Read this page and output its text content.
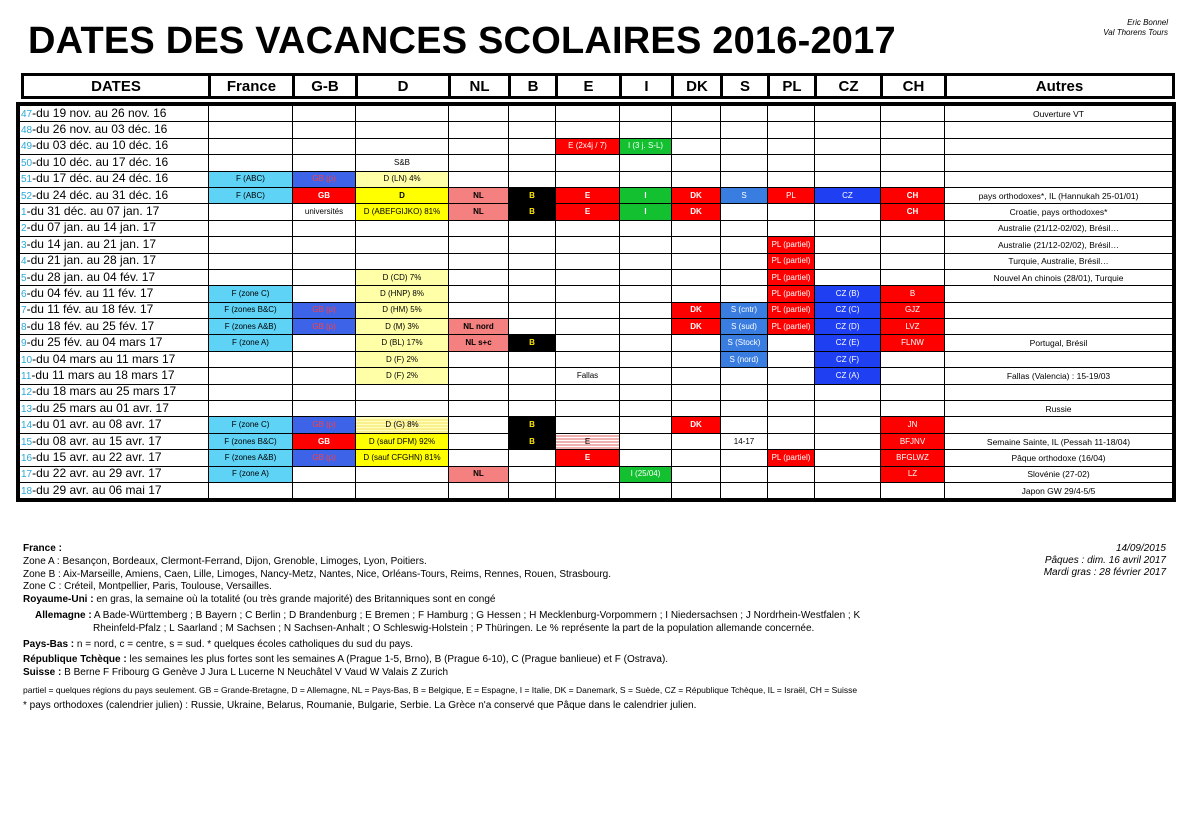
DATES DES VACANCES SCOLAIRES 2016-2017	Eric Bonnel
Val Thorens Tours
DATES	France	G-B	D	NL	B	E	I	DK	S	PL	CZ	CH	Autres
47-du 19 nov. au 26 nov. 16													Ouverture VT
48-du 26 nov. au 03 déc. 16													
49-du 03 déc. au 10 déc. 16						E (2x4j / 7)	I (3 j. S-L)						
50-du 10 déc. au 17 déc. 16			S&B										
51-du 17 déc. au 24 déc. 16	F (ABC)	GB (p)	D (LN) 4%										
52-du 24 déc. au 31 déc. 16	F (ABC)	GB	D	NL	B	E	I	DK	S	PL	CZ	CH	pays orthodoxes*, IL (Hannukah 25-01/01)
1-du 31 déc. au 07 jan. 17		universités	D (ABEFGIJKO) 81%	NL	B	E	I	DK				CH	Croatie, pays orthodoxes*
2-du 07 jan. au 14 jan. 17													Australie (21/12-02/02), Brésil…
3-du 14 jan. au 21 jan. 17										PL (partiel)			Australie (21/12-02/02), Brésil…
4-du 21 jan. au 28 jan. 17										PL (partiel)			Turquie, Australie, Brésil…
5-du 28 jan. au 04 fév. 17			D (CD) 7%							PL (partiel)			Nouvel An chinois (28/01), Turquie
6-du 04 fév. au 11 fév. 17	F (zone C)		D (HNP) 8%							PL (partiel)	CZ (B)	B	
7-du 11 fév. au 18 fév. 17	F (zones B&C)	GB (p)	D (HM) 5%					DK	S (cntr)	PL (partiel)	CZ (C)	GJZ	
8-du 18 fév. au 25 fév. 17	F (zones A&B)	GB (p)	D (M) 3%	NL nord				DK	S (sud)	PL (partiel)	CZ (D)	LVZ	
9-du 25 fév. au 04 mars 17	F (zone A)		D (BL) 17%	NL s+c	B				S (Stock)		CZ (E)	FLNW	Portugal, Brésil
10-du 04 mars au 11 mars 17			D (F) 2%						S (nord)		CZ (F)		
11-du 11 mars au 18 mars 17			D (F) 2%			Fallas					CZ (A)		Fallas (Valencia) : 15-19/03
12-du 18 mars au 25 mars 17													
13-du 25 mars au 01 avr. 17													Russie
14-du 01 avr. au 08 avr. 17	F (zone C)	GB (p)	D (G) 8%		B			DK				JN	
15-du 08 avr. au 15 avr. 17	F (zones B&C)	GB	D (sauf DFM) 92%		B	E			14-17			BFJNV	Semaine Sainte, IL (Pessah 11-18/04)
16-du 15 avr. au 22 avr. 17	F (zones A&B)	GB (p)	D (sauf CFGHN) 81%			E				PL (partiel)		BFGLWZ	Pâque orthodoxe (16/04)
17-du 22 avr. au 29 avr. 17	F (zone A)			NL			I (25/04)					LZ	Slovénie (27-02)
18-du 29 avr. au 06 mai 17													Japon GW 29/4-5/5
France :
Zone A : Besançon, Bordeaux, Clermont-Ferrand, Dijon, Grenoble, Limoges, Lyon, Poitiers.
Zone B : Aix-Marseille, Amiens, Caen, Lille, Limoges, Nancy-Metz, Nantes, Nice, Orléans-Tours, Reims, Rennes, Rouen, Strasbourg.
Zone C : Créteil, Montpellier, Paris, Toulouse, Versailles.
Royaume-Uni : en gras, la semaine où la totalité (ou très grande majorité) des Britanniques sont en congé
Allemagne : A Bade-Württemberg ; B Bayern ; C Berlin ; D Brandenburg ; E Bremen ; F Hamburg ; G Hessen ; H Mecklenburg-Vorpommern ; I Niedersachsen ; J Nordrhein-Westfalen ; K
Rheinfeld-Pfalz ; L Saarland ; M Sachsen ; N Sachsen-Anhalt ; O Schleswig-Holstein ; P Thüringen. Le % représente la part de la population allemande concernée.
Pays-Bas : n = nord, c = centre, s = sud. * quelques écoles catholiques du sud du pays.
République Tchèque : les semaines les plus fortes sont les semaines A (Prague 1-5, Brno), B (Prague 6-10), C (Prague banlieue) et F (Ostrava).
Suisse : B Berne F Fribourg G Genève J Jura L Lucerne N Neuchâtel V Vaud W Valais Z Zurich
partiel = quelques régions du pays seulement. GB = Grande-Bretagne, D = Allemagne, NL = Pays-Bas, B = Belgique, E = Espagne, I = Italie, DK = Danemark, S = Suède, CZ = République Tchèque, IL = Israël, CH = Suisse
* pays orthodoxes (calendrier julien) : Russie, Ukraine, Belarus, Roumanie, Bulgarie, Serbie. La Grèce n'a conservé que Pâque dans le calendrier julien.
14/09/2015
Pâques : dim. 16 avril 2017
Mardi gras : 28 février 2017
